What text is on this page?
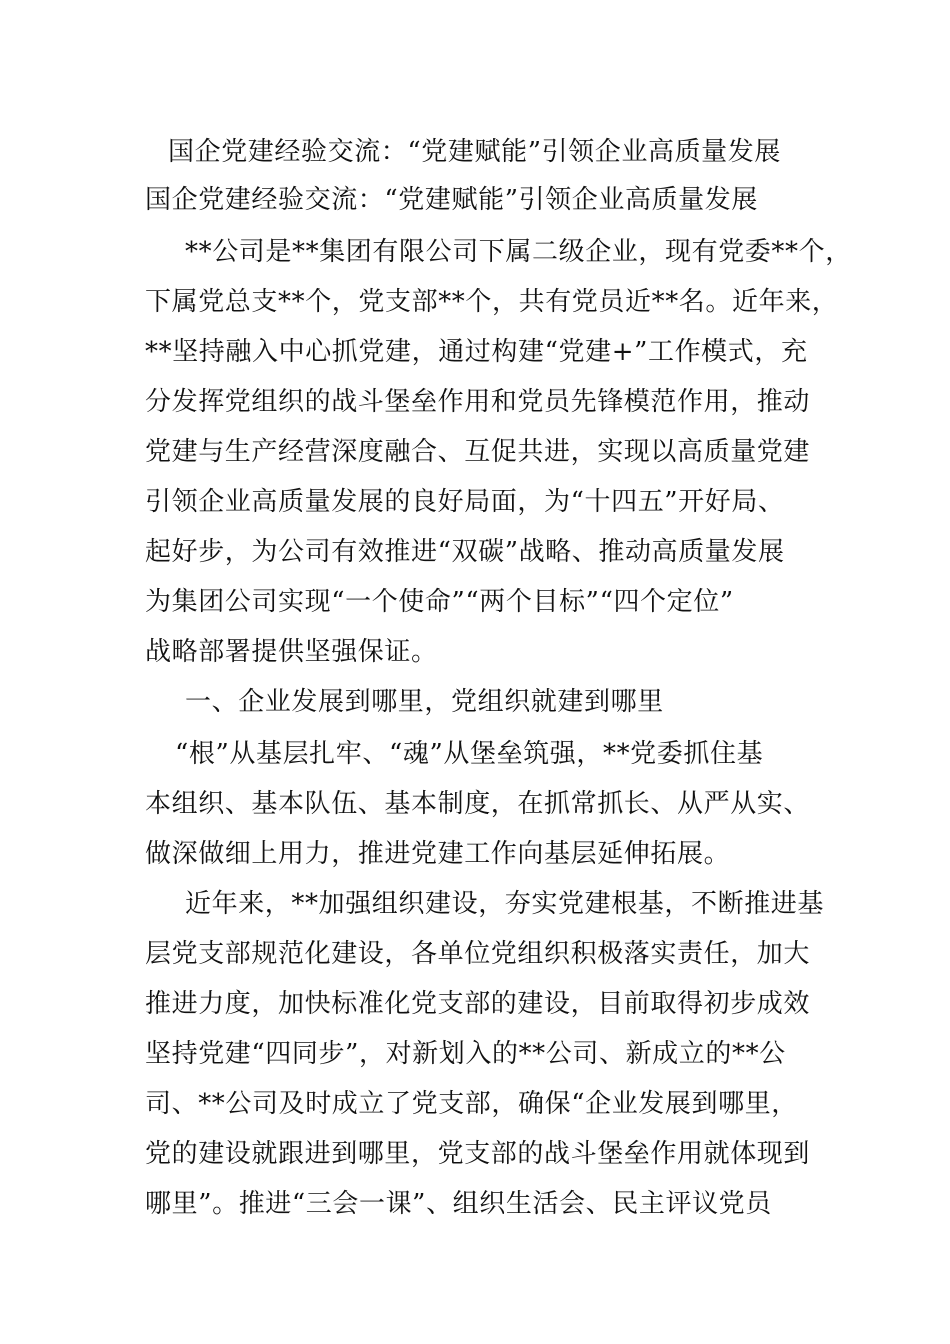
国企党建经验交流：“党建赋能”引领企业高质量发展
国企党建经验交流：“党建赋能”引领企业高质量发展
**公司是**集团有限公司下属二级企业，现有党委**个，
下属党总支**个，党支部**个，共有党员近**名。近年来，
**坚持融入中心抓党建，通过构建“党建+”工作模式，充
分发挥党组织的战斗堡垒作用和党员先锋模范作用，推动
党建与生产经营深度融合、互促共进，实现以高质量党建
引领企业高质量发展的良好局面，为“十四五”开好局、
起好步，为公司有效推进“双碳”战略、推动高质量发展
为集团公司实现“一个使命”“两个目标”“四个定位”
战略部署提供坚强保证。
一、企业发展到哪里，党组织就建到哪里
“根”从基层扎牢、“魂”从堡垒筑强，**党委抓住基
本组织、基本队伍、基本制度，在抓常抓长、从严从实、
做深做细上用力，推进党建工作向基层延伸拓展。
近年来，**加强组织建设，夯实党建根基，不断推进基
层党支部规范化建设，各单位党组织积极落实责任，加大
推进力度，加快标准化党支部的建设，目前取得初步成效
坚持党建“四同步”，对新划入的**公司、新成立的**公
司、**公司及时成立了党支部，确保“企业发展到哪里，
党的建设就跟进到哪里，党支部的战斗堡垒作用就体现到
哪里”。推进“三会一课”、组织生活会、民主评议党员
